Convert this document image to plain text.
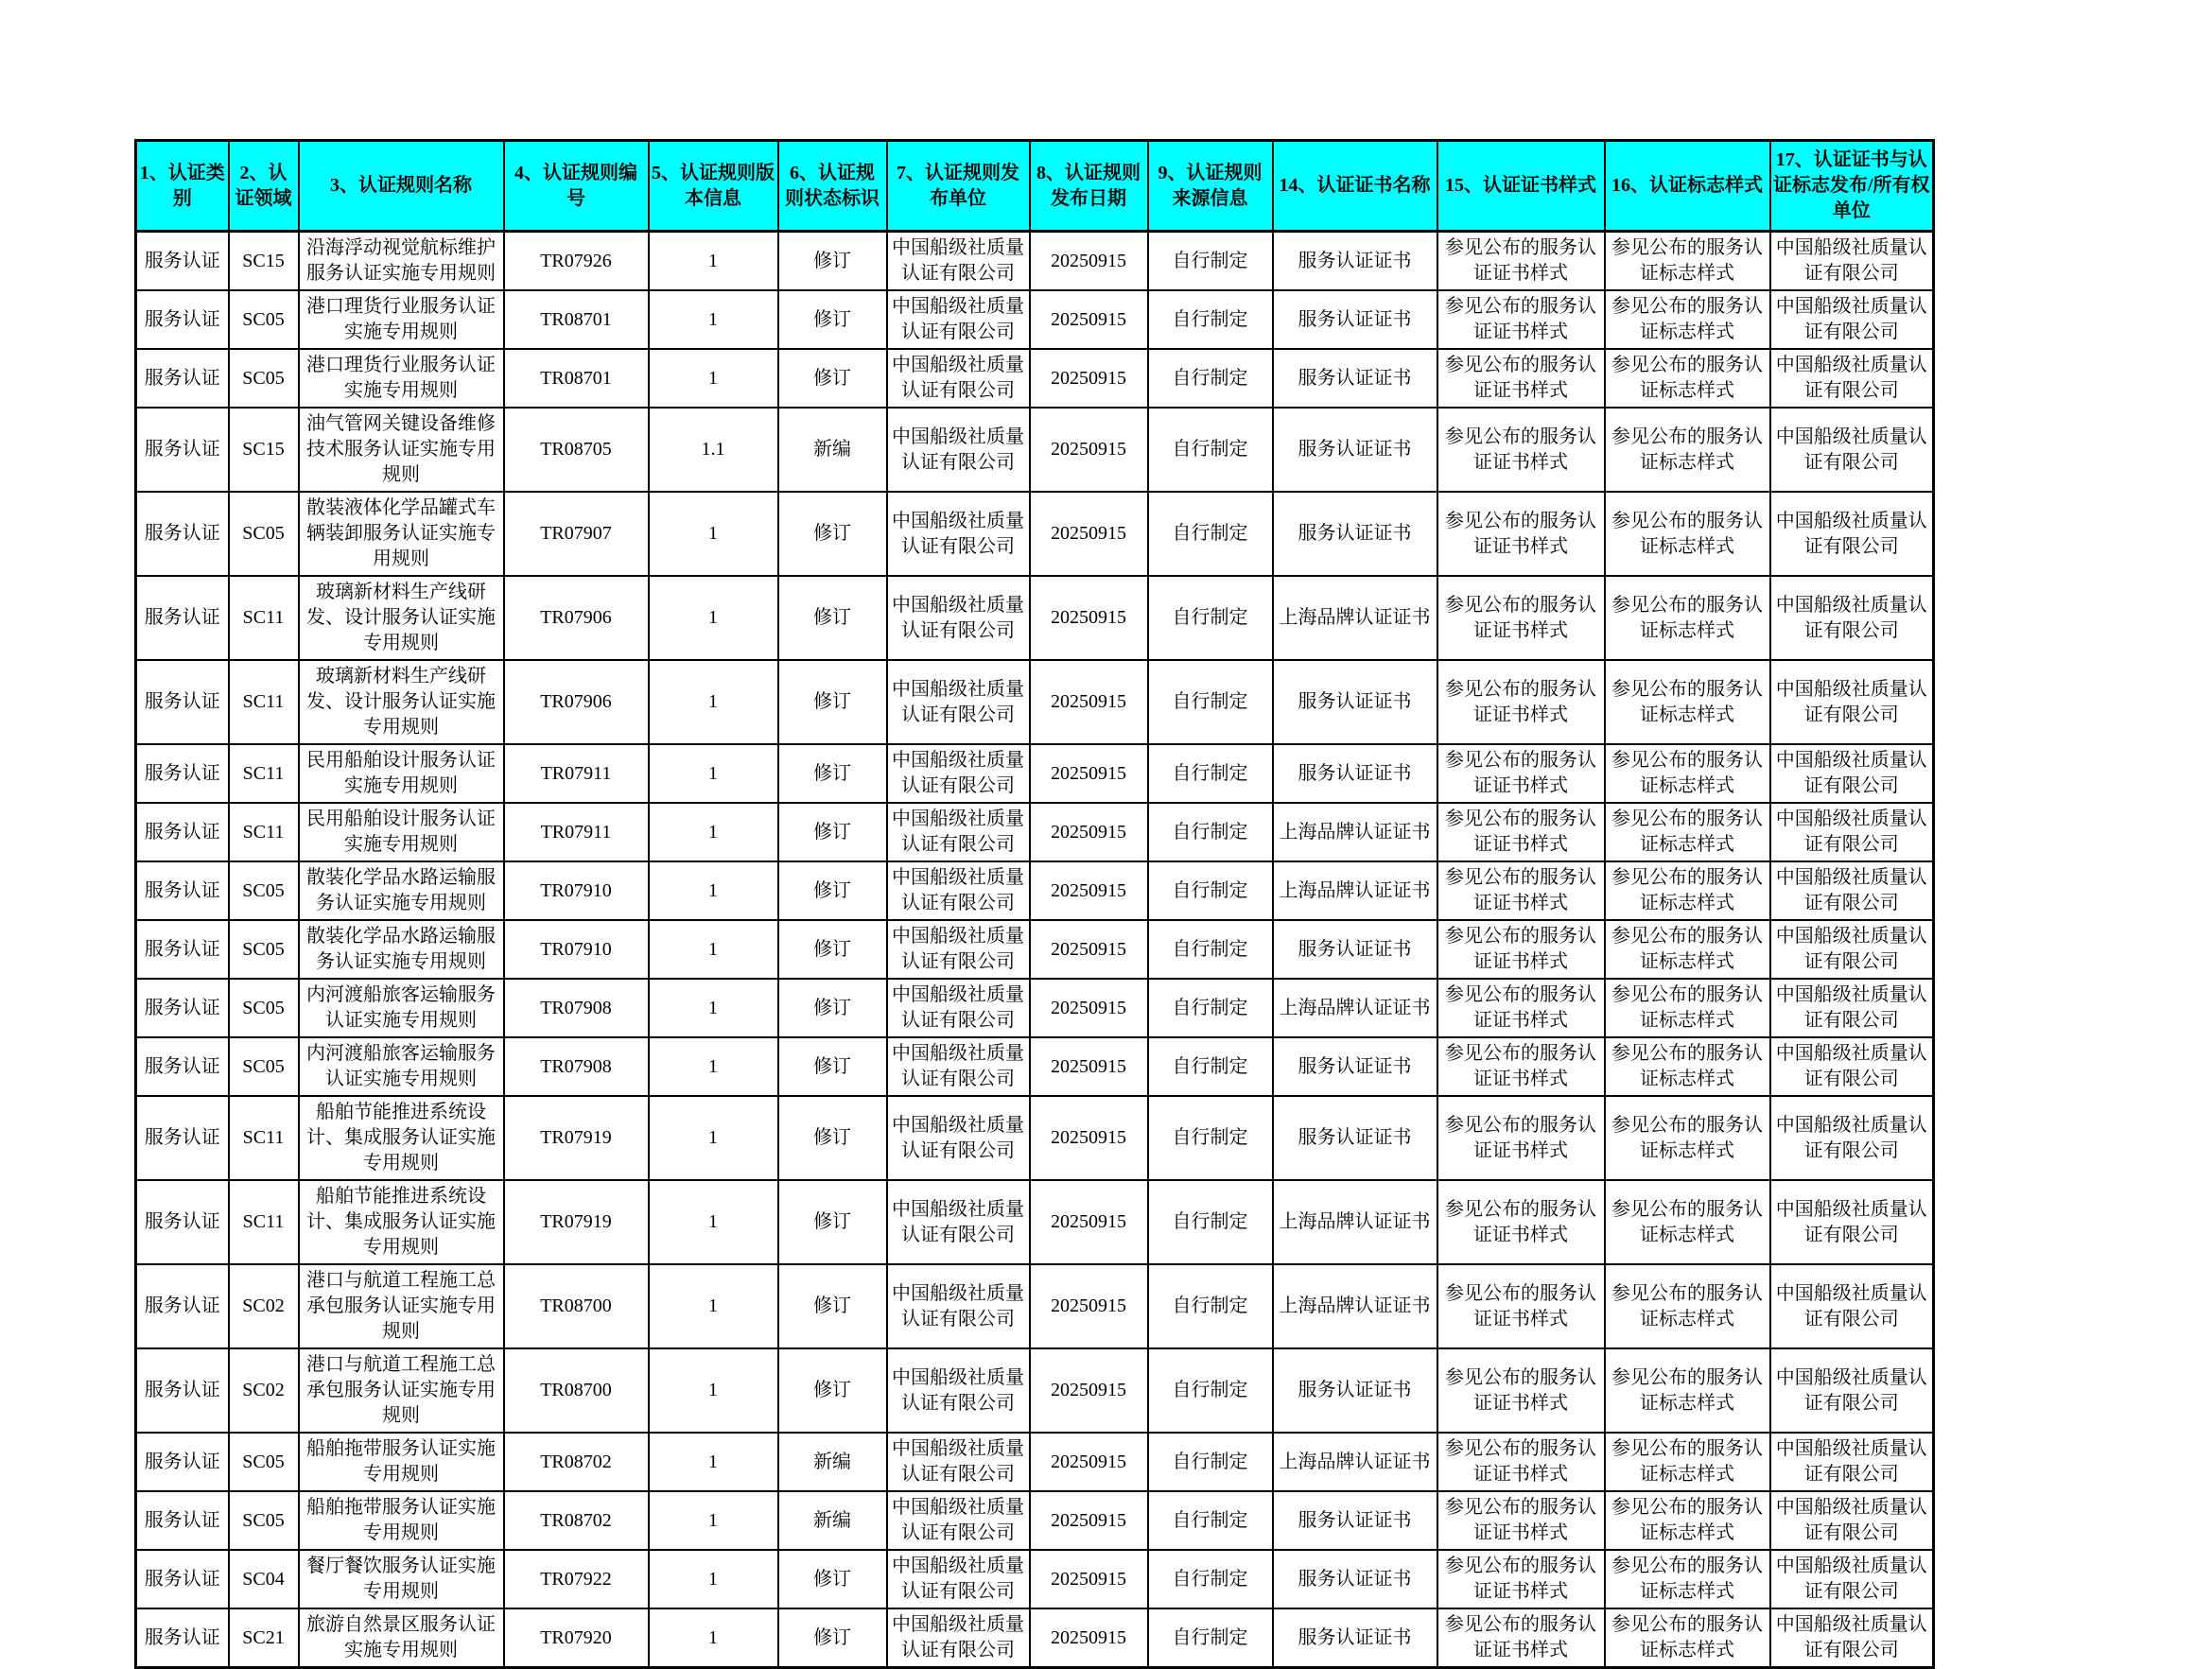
1、认证类别	2、认证领域	3、认证规则名称	4、认证规则编号	5、认证规则版本信息	6、认证规则状态标识	7、认证规则发布单位	8、认证规则发布日期	9、认证规则来源信息	14、认证证书名称	15、认证证书样式	16、认证标志样式	17、认证证书与认证标志发布/所有权单位
服务认证	SC15	沿海浮动视觉航标维护服务认证实施专用规则	TR07926	1	修订	中国船级社质量认证有限公司	20250915	自行制定	服务认证证书	参见公布的服务认证证书样式	参见公布的服务认证标志样式	中国船级社质量认证有限公司
服务认证	SC05	港口理货行业服务认证实施专用规则	TR08701	1	修订	中国船级社质量认证有限公司	20250915	自行制定	服务认证证书	参见公布的服务认证证书样式	参见公布的服务认证标志样式	中国船级社质量认证有限公司
服务认证	SC05	港口理货行业服务认证实施专用规则	TR08701	1	修订	中国船级社质量认证有限公司	20250915	自行制定	服务认证证书	参见公布的服务认证证书样式	参见公布的服务认证标志样式	中国船级社质量认证有限公司
服务认证	SC15	油气管网关键设备维修技术服务认证实施专用规则	TR08705	1.1	新编	中国船级社质量认证有限公司	20250915	自行制定	服务认证证书	参见公布的服务认证证书样式	参见公布的服务认证标志样式	中国船级社质量认证有限公司
服务认证	SC05	散装液体化学品罐式车辆装卸服务认证实施专用规则	TR07907	1	修订	中国船级社质量认证有限公司	20250915	自行制定	服务认证证书	参见公布的服务认证证书样式	参见公布的服务认证标志样式	中国船级社质量认证有限公司
服务认证	SC11	玻璃新材料生产线研发、设计服务认证实施专用规则	TR07906	1	修订	中国船级社质量认证有限公司	20250915	自行制定	上海品牌认证证书	参见公布的服务认证证书样式	参见公布的服务认证标志样式	中国船级社质量认证有限公司
服务认证	SC11	玻璃新材料生产线研发、设计服务认证实施专用规则	TR07906	1	修订	中国船级社质量认证有限公司	20250915	自行制定	服务认证证书	参见公布的服务认证证书样式	参见公布的服务认证标志样式	中国船级社质量认证有限公司
服务认证	SC11	民用船舶设计服务认证实施专用规则	TR07911	1	修订	中国船级社质量认证有限公司	20250915	自行制定	服务认证证书	参见公布的服务认证证书样式	参见公布的服务认证标志样式	中国船级社质量认证有限公司
服务认证	SC11	民用船舶设计服务认证实施专用规则	TR07911	1	修订	中国船级社质量认证有限公司	20250915	自行制定	上海品牌认证证书	参见公布的服务认证证书样式	参见公布的服务认证标志样式	中国船级社质量认证有限公司
服务认证	SC05	散装化学品水路运输服务认证实施专用规则	TR07910	1	修订	中国船级社质量认证有限公司	20250915	自行制定	上海品牌认证证书	参见公布的服务认证证书样式	参见公布的服务认证标志样式	中国船级社质量认证有限公司
服务认证	SC05	散装化学品水路运输服务认证实施专用规则	TR07910	1	修订	中国船级社质量认证有限公司	20250915	自行制定	服务认证证书	参见公布的服务认证证书样式	参见公布的服务认证标志样式	中国船级社质量认证有限公司
服务认证	SC05	内河渡船旅客运输服务认证实施专用规则	TR07908	1	修订	中国船级社质量认证有限公司	20250915	自行制定	上海品牌认证证书	参见公布的服务认证证书样式	参见公布的服务认证标志样式	中国船级社质量认证有限公司
服务认证	SC05	内河渡船旅客运输服务认证实施专用规则	TR07908	1	修订	中国船级社质量认证有限公司	20250915	自行制定	服务认证证书	参见公布的服务认证证书样式	参见公布的服务认证标志样式	中国船级社质量认证有限公司
服务认证	SC11	船舶节能推进系统设计、集成服务认证实施专用规则	TR07919	1	修订	中国船级社质量认证有限公司	20250915	自行制定	服务认证证书	参见公布的服务认证证书样式	参见公布的服务认证标志样式	中国船级社质量认证有限公司
服务认证	SC11	船舶节能推进系统设计、集成服务认证实施专用规则	TR07919	1	修订	中国船级社质量认证有限公司	20250915	自行制定	上海品牌认证证书	参见公布的服务认证证书样式	参见公布的服务认证标志样式	中国船级社质量认证有限公司
服务认证	SC02	港口与航道工程施工总承包服务认证实施专用规则	TR08700	1	修订	中国船级社质量认证有限公司	20250915	自行制定	上海品牌认证证书	参见公布的服务认证证书样式	参见公布的服务认证标志样式	中国船级社质量认证有限公司
服务认证	SC02	港口与航道工程施工总承包服务认证实施专用规则	TR08700	1	修订	中国船级社质量认证有限公司	20250915	自行制定	服务认证证书	参见公布的服务认证证书样式	参见公布的服务认证标志样式	中国船级社质量认证有限公司
服务认证	SC05	船舶拖带服务认证实施专用规则	TR08702	1	新编	中国船级社质量认证有限公司	20250915	自行制定	上海品牌认证证书	参见公布的服务认证证书样式	参见公布的服务认证标志样式	中国船级社质量认证有限公司
服务认证	SC05	船舶拖带服务认证实施专用规则	TR08702	1	新编	中国船级社质量认证有限公司	20250915	自行制定	服务认证证书	参见公布的服务认证证书样式	参见公布的服务认证标志样式	中国船级社质量认证有限公司
服务认证	SC04	餐厅餐饮服务认证实施专用规则	TR07922	1	修订	中国船级社质量认证有限公司	20250915	自行制定	服务认证证书	参见公布的服务认证证书样式	参见公布的服务认证标志样式	中国船级社质量认证有限公司
服务认证	SC21	旅游自然景区服务认证实施专用规则	TR07920	1	修订	中国船级社质量认证有限公司	20250915	自行制定	服务认证证书	参见公布的服务认证证书样式	参见公布的服务认证标志样式	中国船级社质量认证有限公司
